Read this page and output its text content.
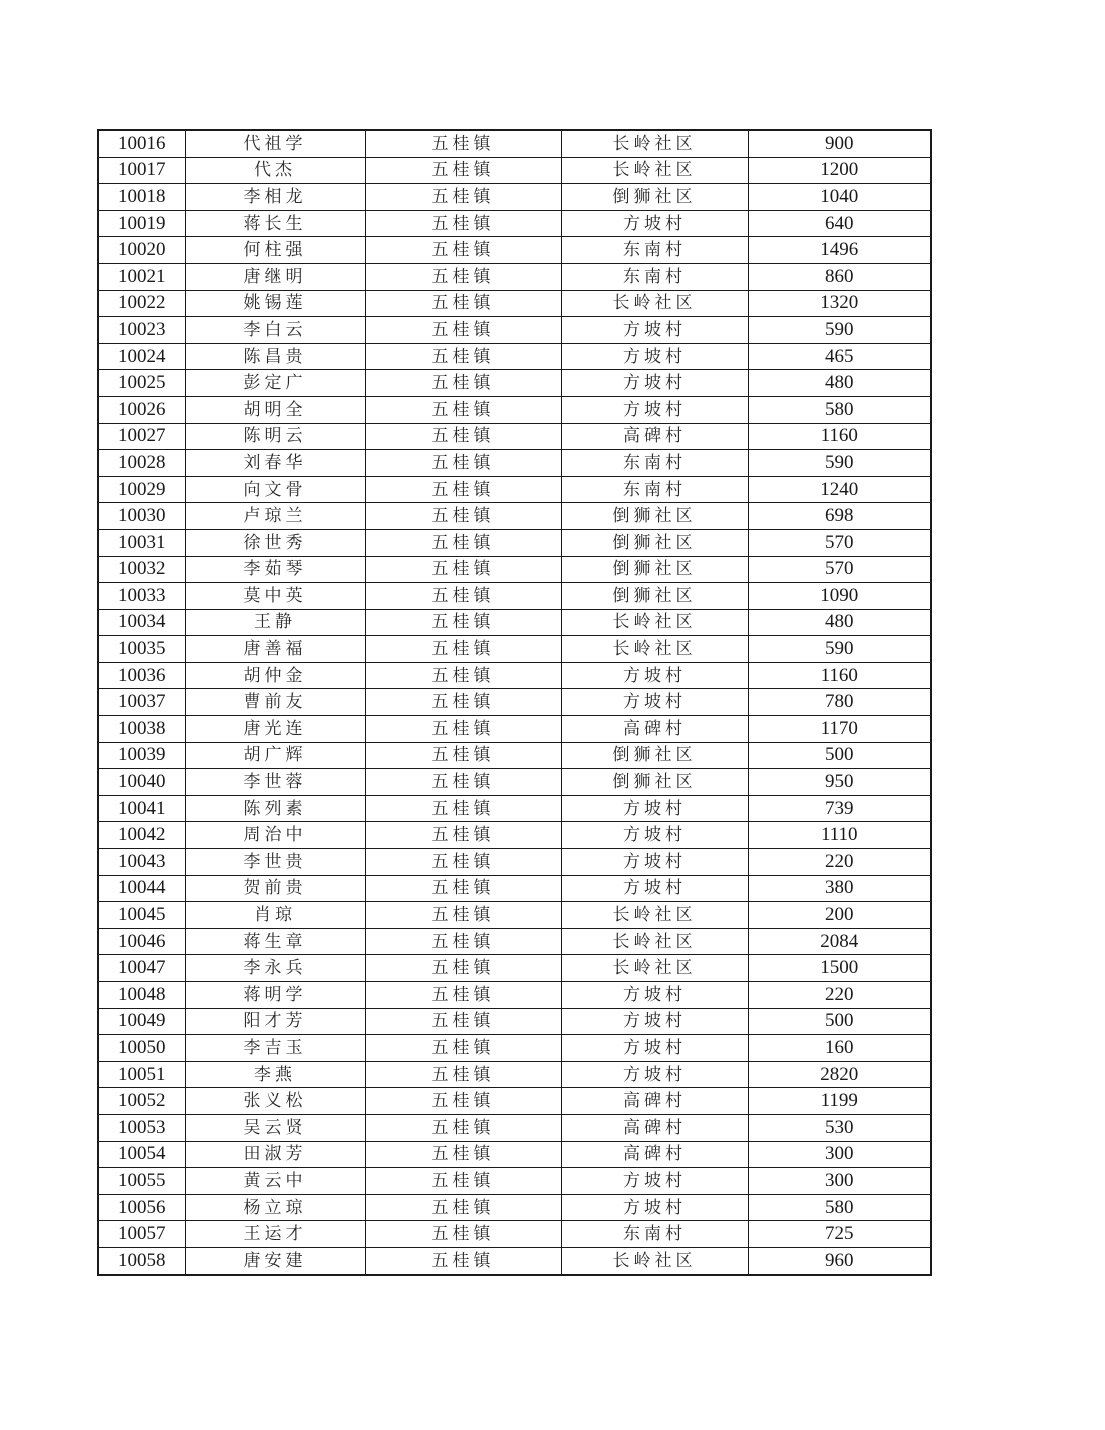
10016	代祖学	五桂镇	长岭社区	900
10017	代杰	五桂镇	长岭社区	1200
10018	李相龙	五桂镇	倒狮社区	1040
10019	蒋长生	五桂镇	方坡村	640
10020	何柱强	五桂镇	东南村	1496
10021	唐继明	五桂镇	东南村	860
10022	姚锡莲	五桂镇	长岭社区	1320
10023	李白云	五桂镇	方坡村	590
10024	陈昌贵	五桂镇	方坡村	465
10025	彭定广	五桂镇	方坡村	480
10026	胡明全	五桂镇	方坡村	580
10027	陈明云	五桂镇	高碑村	1160
10028	刘春华	五桂镇	东南村	590
10029	向文骨	五桂镇	东南村	1240
10030	卢琼兰	五桂镇	倒狮社区	698
10031	徐世秀	五桂镇	倒狮社区	570
10032	李茹琴	五桂镇	倒狮社区	570
10033	莫中英	五桂镇	倒狮社区	1090
10034	王静	五桂镇	长岭社区	480
10035	唐善福	五桂镇	长岭社区	590
10036	胡仲金	五桂镇	方坡村	1160
10037	曹前友	五桂镇	方坡村	780
10038	唐光连	五桂镇	高碑村	1170
10039	胡广辉	五桂镇	倒狮社区	500
10040	李世蓉	五桂镇	倒狮社区	950
10041	陈列素	五桂镇	方坡村	739
10042	周治中	五桂镇	方坡村	1110
10043	李世贵	五桂镇	方坡村	220
10044	贺前贵	五桂镇	方坡村	380
10045	肖琼	五桂镇	长岭社区	200
10046	蒋生章	五桂镇	长岭社区	2084
10047	李永兵	五桂镇	长岭社区	1500
10048	蒋明学	五桂镇	方坡村	220
10049	阳才芳	五桂镇	方坡村	500
10050	李吉玉	五桂镇	方坡村	160
10051	李燕	五桂镇	方坡村	2820
10052	张义松	五桂镇	高碑村	1199
10053	吴云贤	五桂镇	高碑村	530
10054	田淑芳	五桂镇	高碑村	300
10055	黄云中	五桂镇	方坡村	300
10056	杨立琼	五桂镇	方坡村	580
10057	王运才	五桂镇	东南村	725
10058	唐安建	五桂镇	长岭社区	960
